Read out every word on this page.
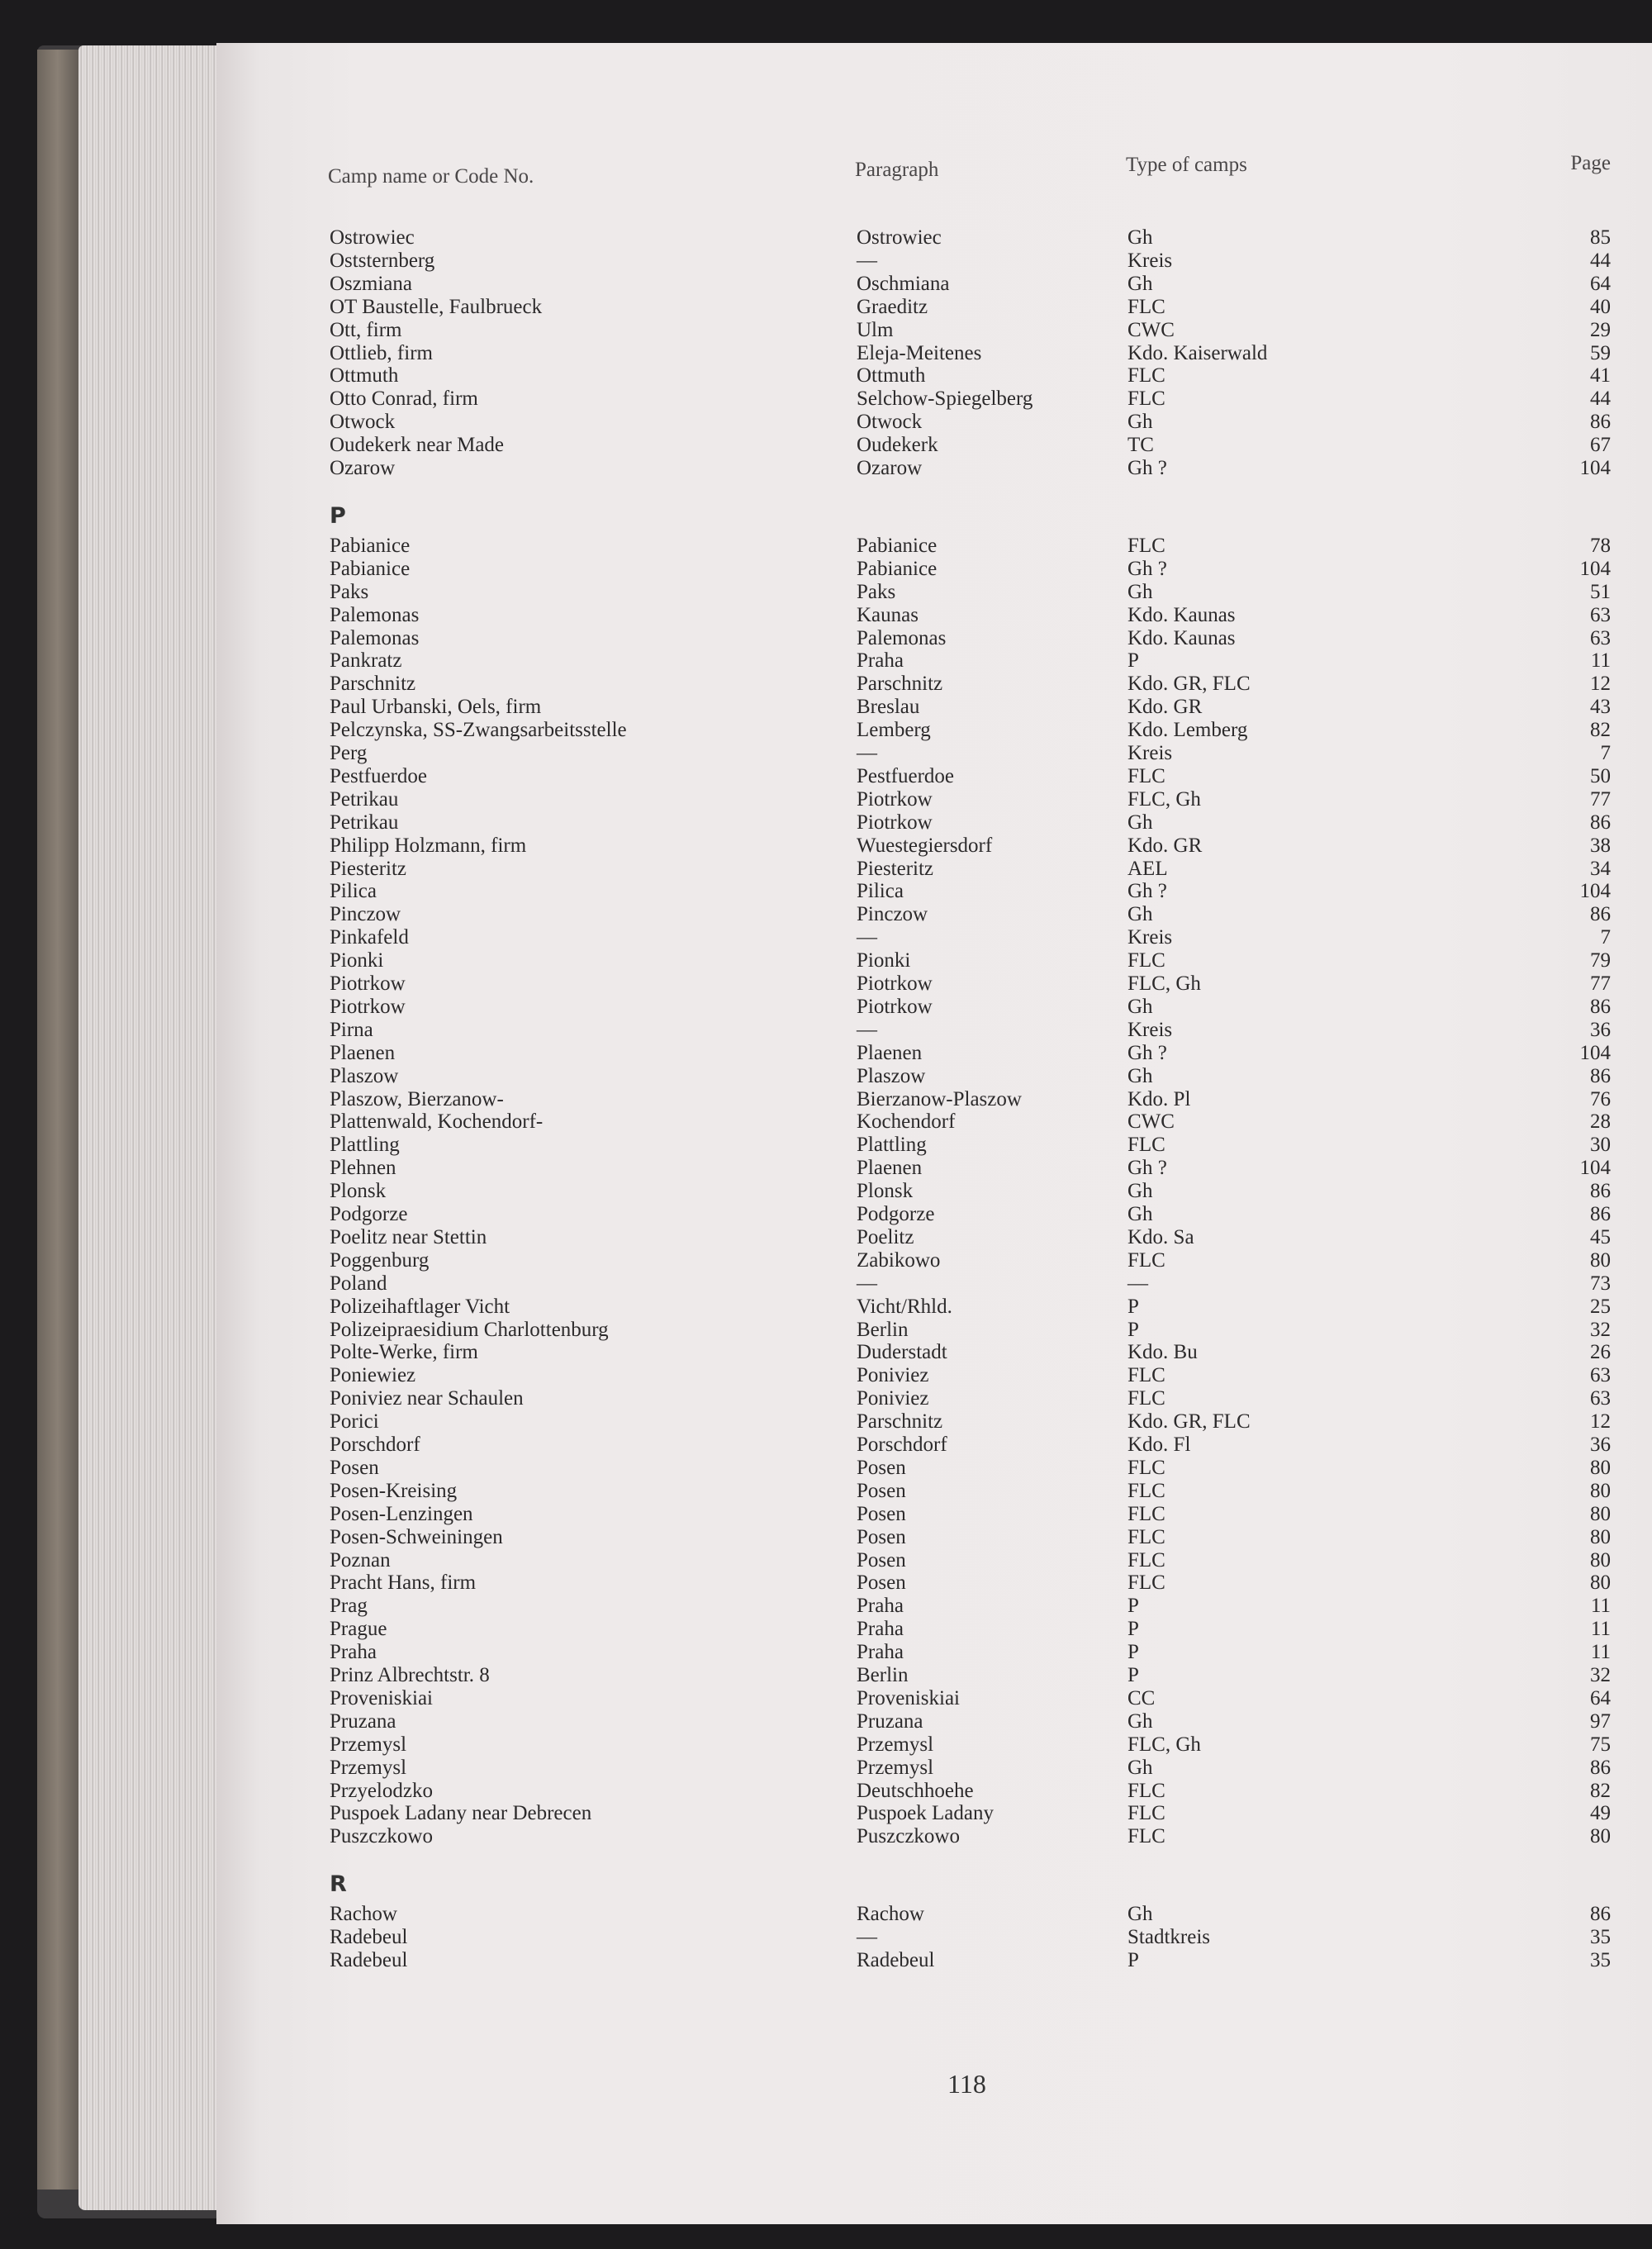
Camp name or Code No.	Paragraph	Type of camps	Page
Ostrowiec	Ostrowiec	Gh	85
Oststernberg	—	Kreis	44
Oszmiana	Oschmiana	Gh	64
OT Baustelle, Faulbrueck	Graeditz	FLC	40
Ott, firm	Ulm	CWC	29
Ottlieb, firm	Eleja-Meitenes	Kdo. Kaiserwald	59
Ottmuth	Ottmuth	FLC	41
Otto Conrad, firm	Selchow-Spiegelberg	FLC	44
Otwock	Otwock	Gh	86
Oudekerk near Made	Oudekerk	TC	67
Ozarow	Ozarow	Gh ?	104
P
Pabianice	Pabianice	FLC	78
Pabianice	Pabianice	Gh ?	104
Paks	Paks	Gh	51
Palemonas	Kaunas	Kdo. Kaunas	63
Palemonas	Palemonas	Kdo. Kaunas	63
Pankratz	Praha	P	11
Parschnitz	Parschnitz	Kdo. GR, FLC	12
Paul Urbanski, Oels, firm	Breslau	Kdo. GR	43
Pelczynska, SS-Zwangsarbeitsstelle	Lemberg	Kdo. Lemberg	82
Perg	—	Kreis	7
Pestfuerdoe	Pestfuerdoe	FLC	50
Petrikau	Piotrkow	FLC, Gh	77
Petrikau	Piotrkow	Gh	86
Philipp Holzmann, firm	Wuestegiersdorf	Kdo. GR	38
Piesteritz	Piesteritz	AEL	34
Pilica	Pilica	Gh ?	104
Pinczow	Pinczow	Gh	86
Pinkafeld	—	Kreis	7
Pionki	Pionki	FLC	79
Piotrkow	Piotrkow	FLC, Gh	77
Piotrkow	Piotrkow	Gh	86
Pirna	—	Kreis	36
Plaenen	Plaenen	Gh ?	104
Plaszow	Plaszow	Gh	86
Plaszow, Bierzanow-	Bierzanow-Plaszow	Kdo. Pl	76
Plattenwald, Kochendorf-	Kochendorf	CWC	28
Plattling	Plattling	FLC	30
Plehnen	Plaenen	Gh ?	104
Plonsk	Plonsk	Gh	86
Podgorze	Podgorze	Gh	86
Poelitz near Stettin	Poelitz	Kdo. Sa	45
Poggenburg	Zabikowo	FLC	80
Poland	—	—	73
Polizeihaftlager Vicht	Vicht/Rhld.	P	25
Polizeipraesidium Charlottenburg	Berlin	P	32
Polte-Werke, firm	Duderstadt	Kdo. Bu	26
Poniewiez	Poniviez	FLC	63
Poniviez near Schaulen	Poniviez	FLC	63
Porici	Parschnitz	Kdo. GR, FLC	12
Porschdorf	Porschdorf	Kdo. Fl	36
Posen	Posen	FLC	80
Posen-Kreising	Posen	FLC	80
Posen-Lenzingen	Posen	FLC	80
Posen-Schweiningen	Posen	FLC	80
Poznan	Posen	FLC	80
Pracht Hans, firm	Posen	FLC	80
Prag	Praha	P	11
Prague	Praha	P	11
Praha	Praha	P	11
Prinz Albrechtstr. 8	Berlin	P	32
Proveniskiai	Proveniskiai	CC	64
Pruzana	Pruzana	Gh	97
Przemysl	Przemysl	FLC, Gh	75
Przemysl	Przemysl	Gh	86
Przyelodzko	Deutschhoehe	FLC	82
Puspoek Ladany near Debrecen	Puspoek Ladany	FLC	49
Puszczkowo	Puszczkowo	FLC	80
R
Rachow	Rachow	Gh	86
Radebeul	—	Stadtkreis	35
Radebeul	Radebeul	P	35
118
